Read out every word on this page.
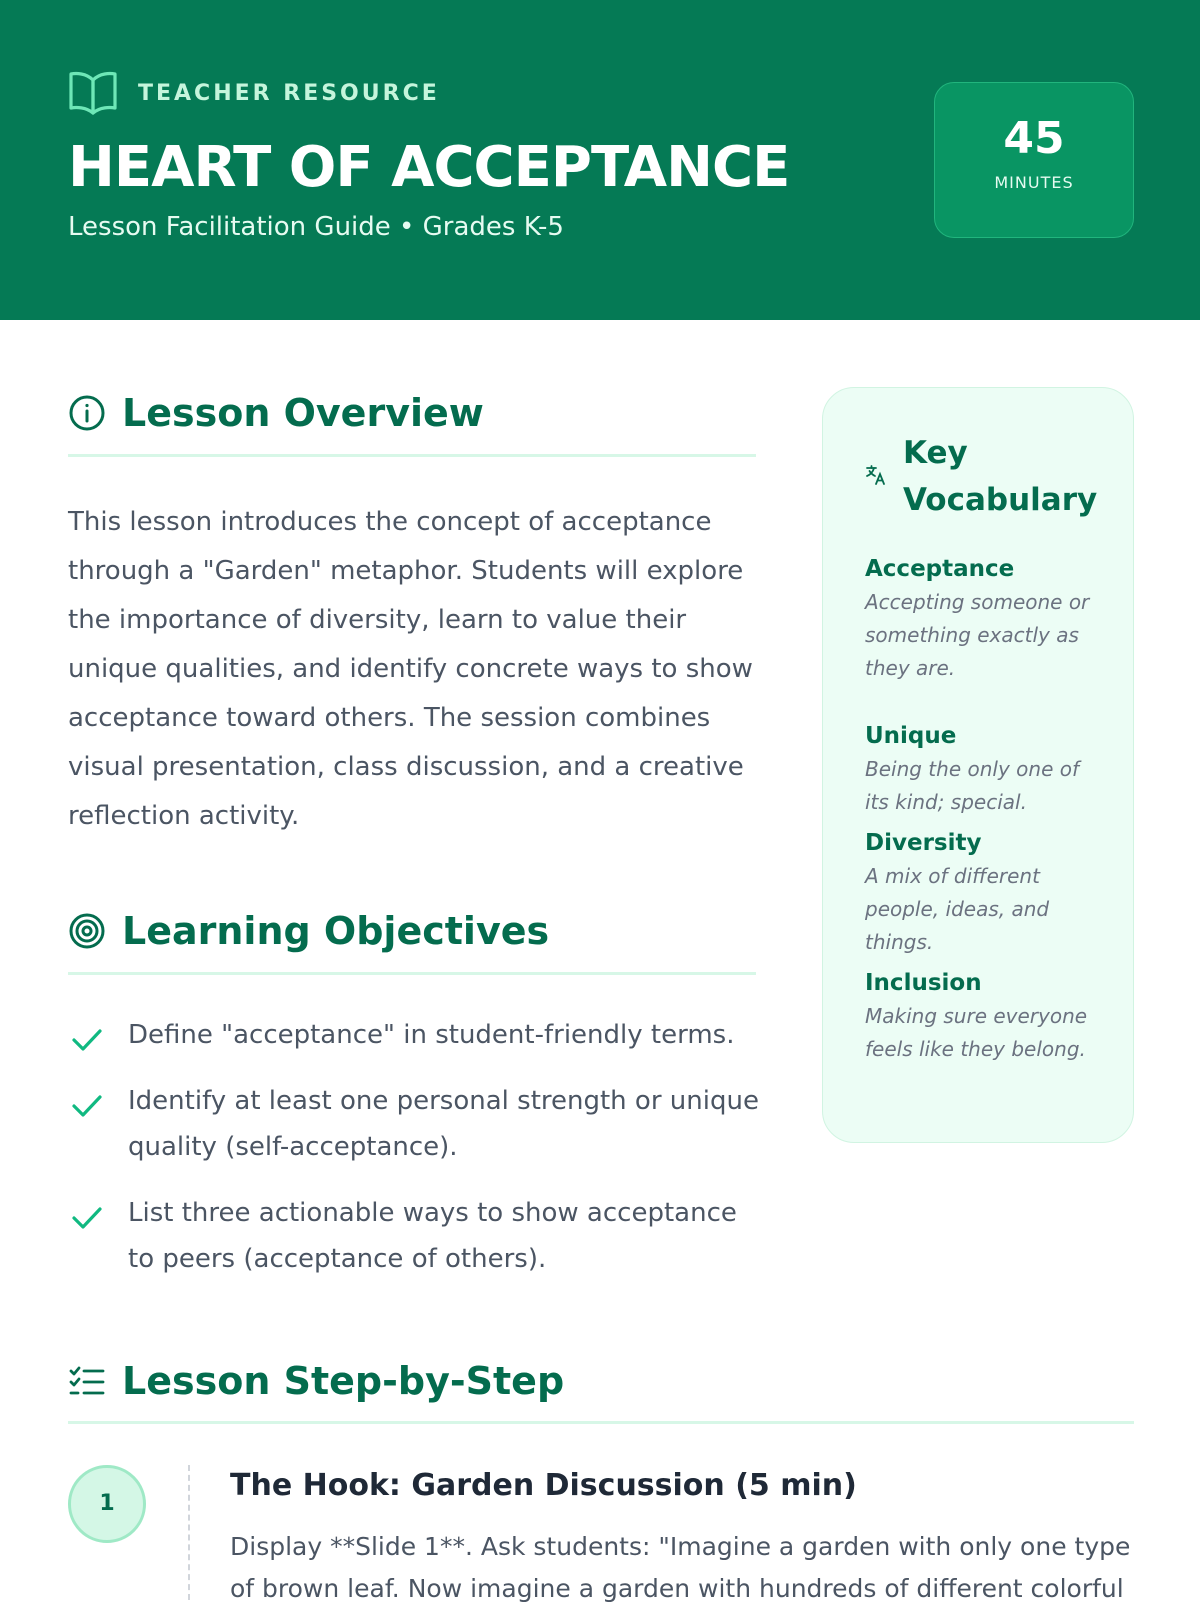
TEACHER RESOURCE
HEART OF ACCEPTANCE
Lesson Facilitation Guide • Grades K-5
45
MINUTES
Lesson Overview

This lesson introduces the concept of acceptance through a "Garden" metaphor. Students will explore the importance of diversity, learn to value their unique qualities, and identify concrete ways to show acceptance toward others. The session combines visual presentation, class discussion, and a creative reflection activity.

Learning Objectives
Define "acceptance" in student-friendly terms.
Identify at least one personal strength or unique quality (self-acceptance).
List three actionable ways to show acceptance to peers (acceptance of others).
Key Vocabulary
Acceptance
Accepting someone or something exactly as they are.
Unique
Being the only one of its kind; special.
Diversity
A mix of different people, ideas, and things.
Inclusion
Making sure everyone feels like they belong.
Lesson Step-by-Step
1
The Hook: Garden Discussion (5 min)

Display **Slide 1**. Ask students: "Imagine a garden with only one type of brown leaf. Now imagine a garden with hundreds of different colorful
